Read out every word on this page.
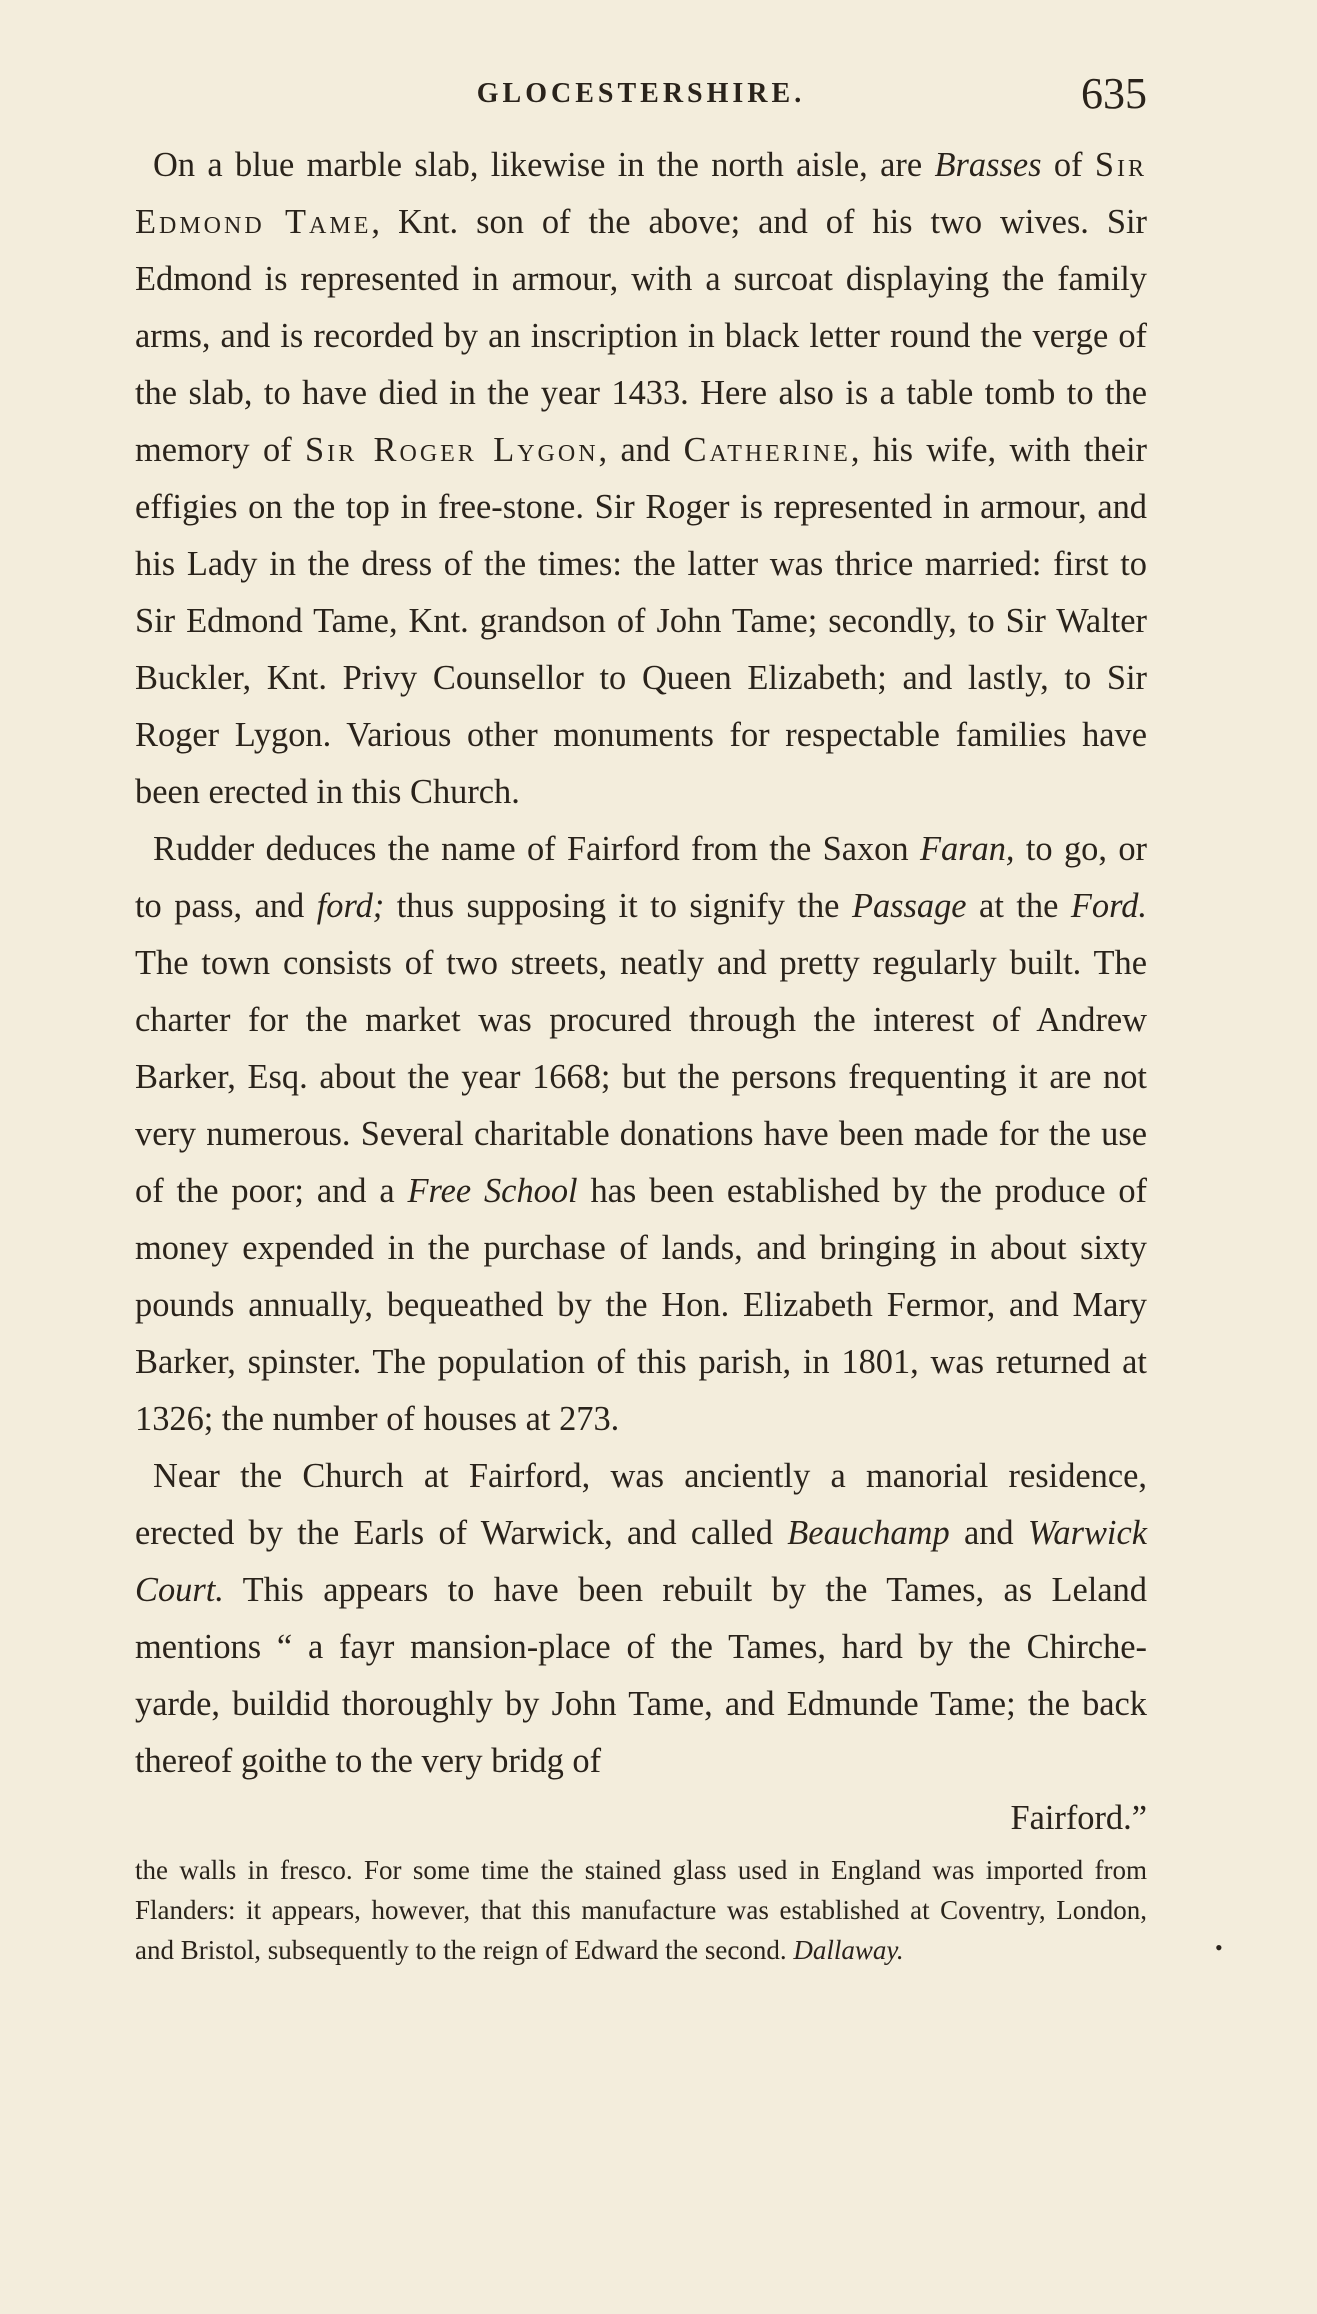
GLOCESTERSHIRE.	635

On a blue marble slab, likewise in the north aisle, are Brasses of Sir Edmond Tame, Knt. son of the above; and of his two wives. Sir Edmond is represented in armour, with a surcoat displaying the family arms, and is recorded by an inscription in black letter round the verge of the slab, to have died in the year 1433. Here also is a table tomb to the memory of Sir Roger Lygon, and Catherine, his wife, with their effigies on the top in free-stone. Sir Roger is represented in armour, and his Lady in the dress of the times: the latter was thrice married: first to Sir Edmond Tame, Knt. grandson of John Tame; secondly, to Sir Walter Buckler, Knt. Privy Counsellor to Queen Elizabeth; and lastly, to Sir Roger Lygon. Various other monuments for respectable families have been erected in this Church.

Rudder deduces the name of Fairford from the Saxon Faran, to go, or to pass, and ford; thus supposing it to signify the Passage at the Ford. The town consists of two streets, neatly and pretty regularly built. The charter for the market was procured through the interest of Andrew Barker, Esq. about the year 1668; but the persons frequenting it are not very numerous. Several charitable donations have been made for the use of the poor; and a Free School has been established by the produce of money expended in the purchase of lands, and bringing in about sixty pounds annually, bequeathed by the Hon. Elizabeth Fermor, and Mary Barker, spinster. The population of this parish, in 1801, was returned at 1326; the number of houses at 273.

Near the Church at Fairford, was anciently a manorial residence, erected by the Earls of Warwick, and called Beauchamp and Warwick Court. This appears to have been rebuilt by the Tames, as Leland mentions “ a fayr mansion-place of the Tames, hard by the Chirche-yarde, buildid thoroughly by John Tame, and Edmunde Tame; the back thereof goithe to the very bridg of
Fairford.”

the walls in fresco. For some time the stained glass used in England was imported from Flanders: it appears, however, that this manufacture was established at Coventry, London, and Bristol, subsequently to the reign of Edward the second. Dallaway.	•
